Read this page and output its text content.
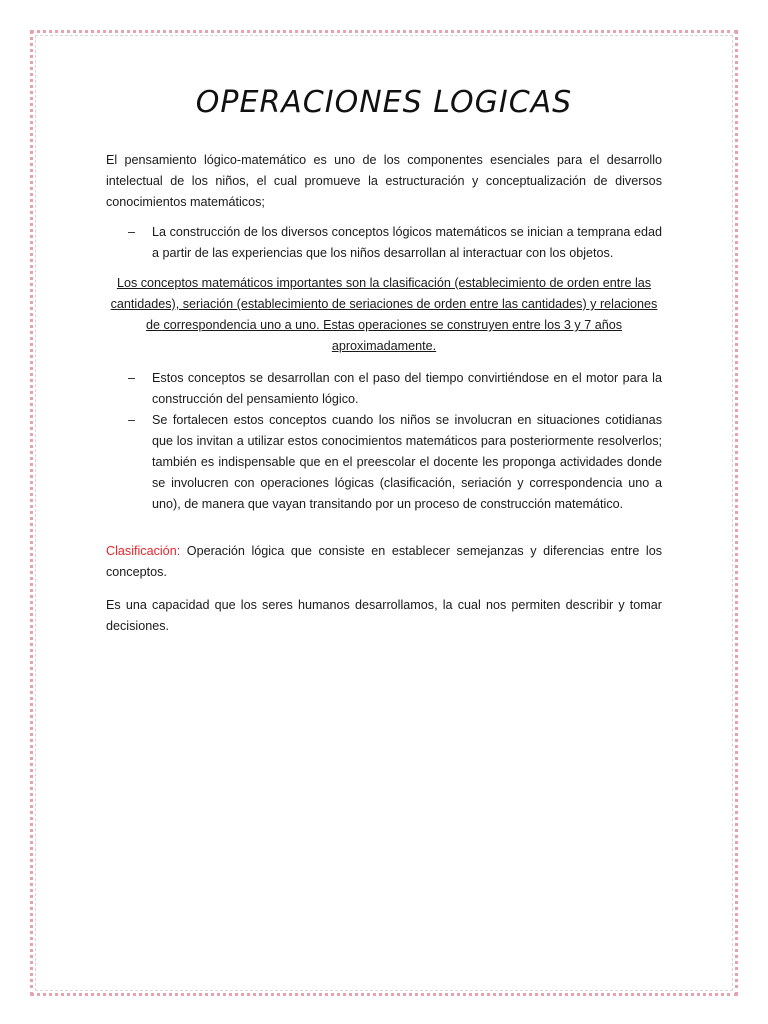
OPERACIONES LOGICAS

El pensamiento lógico-matemático es uno de los componentes esenciales para el desarrollo intelectual de los niños, el cual promueve la estructuración y conceptualización de diversos conocimientos matemáticos;

– La construcción de los diversos conceptos lógicos matemáticos se inician a temprana edad a partir de las experiencias que los niños desarrollan al interactuar con los objetos.

Los conceptos matemáticos importantes son la clasificación (establecimiento de orden entre las cantidades), seriación (establecimiento de seriaciones de orden entre las cantidades) y relaciones de correspondencia uno a uno. Estas operaciones se construyen entre los 3 y 7 años aproximadamente.

– Estos conceptos se desarrollan con el paso del tiempo convirtiéndose en el motor para la construcción del pensamiento lógico.
– Se fortalecen estos conceptos cuando los niños se involucran en situaciones cotidianas que los invitan a utilizar estos conocimientos matemáticos para posteriormente resolverlos; también es indispensable que en el preescolar el docente les proponga actividades donde se involucren con operaciones lógicas (clasificación, seriación y correspondencia uno a uno), de manera que vayan transitando por un proceso de construcción matemático.

Clasificación: Operación lógica que consiste en establecer semejanzas y diferencias entre los conceptos.

Es una capacidad que los seres humanos desarrollamos, la cual nos permiten describir y tomar decisiones.
